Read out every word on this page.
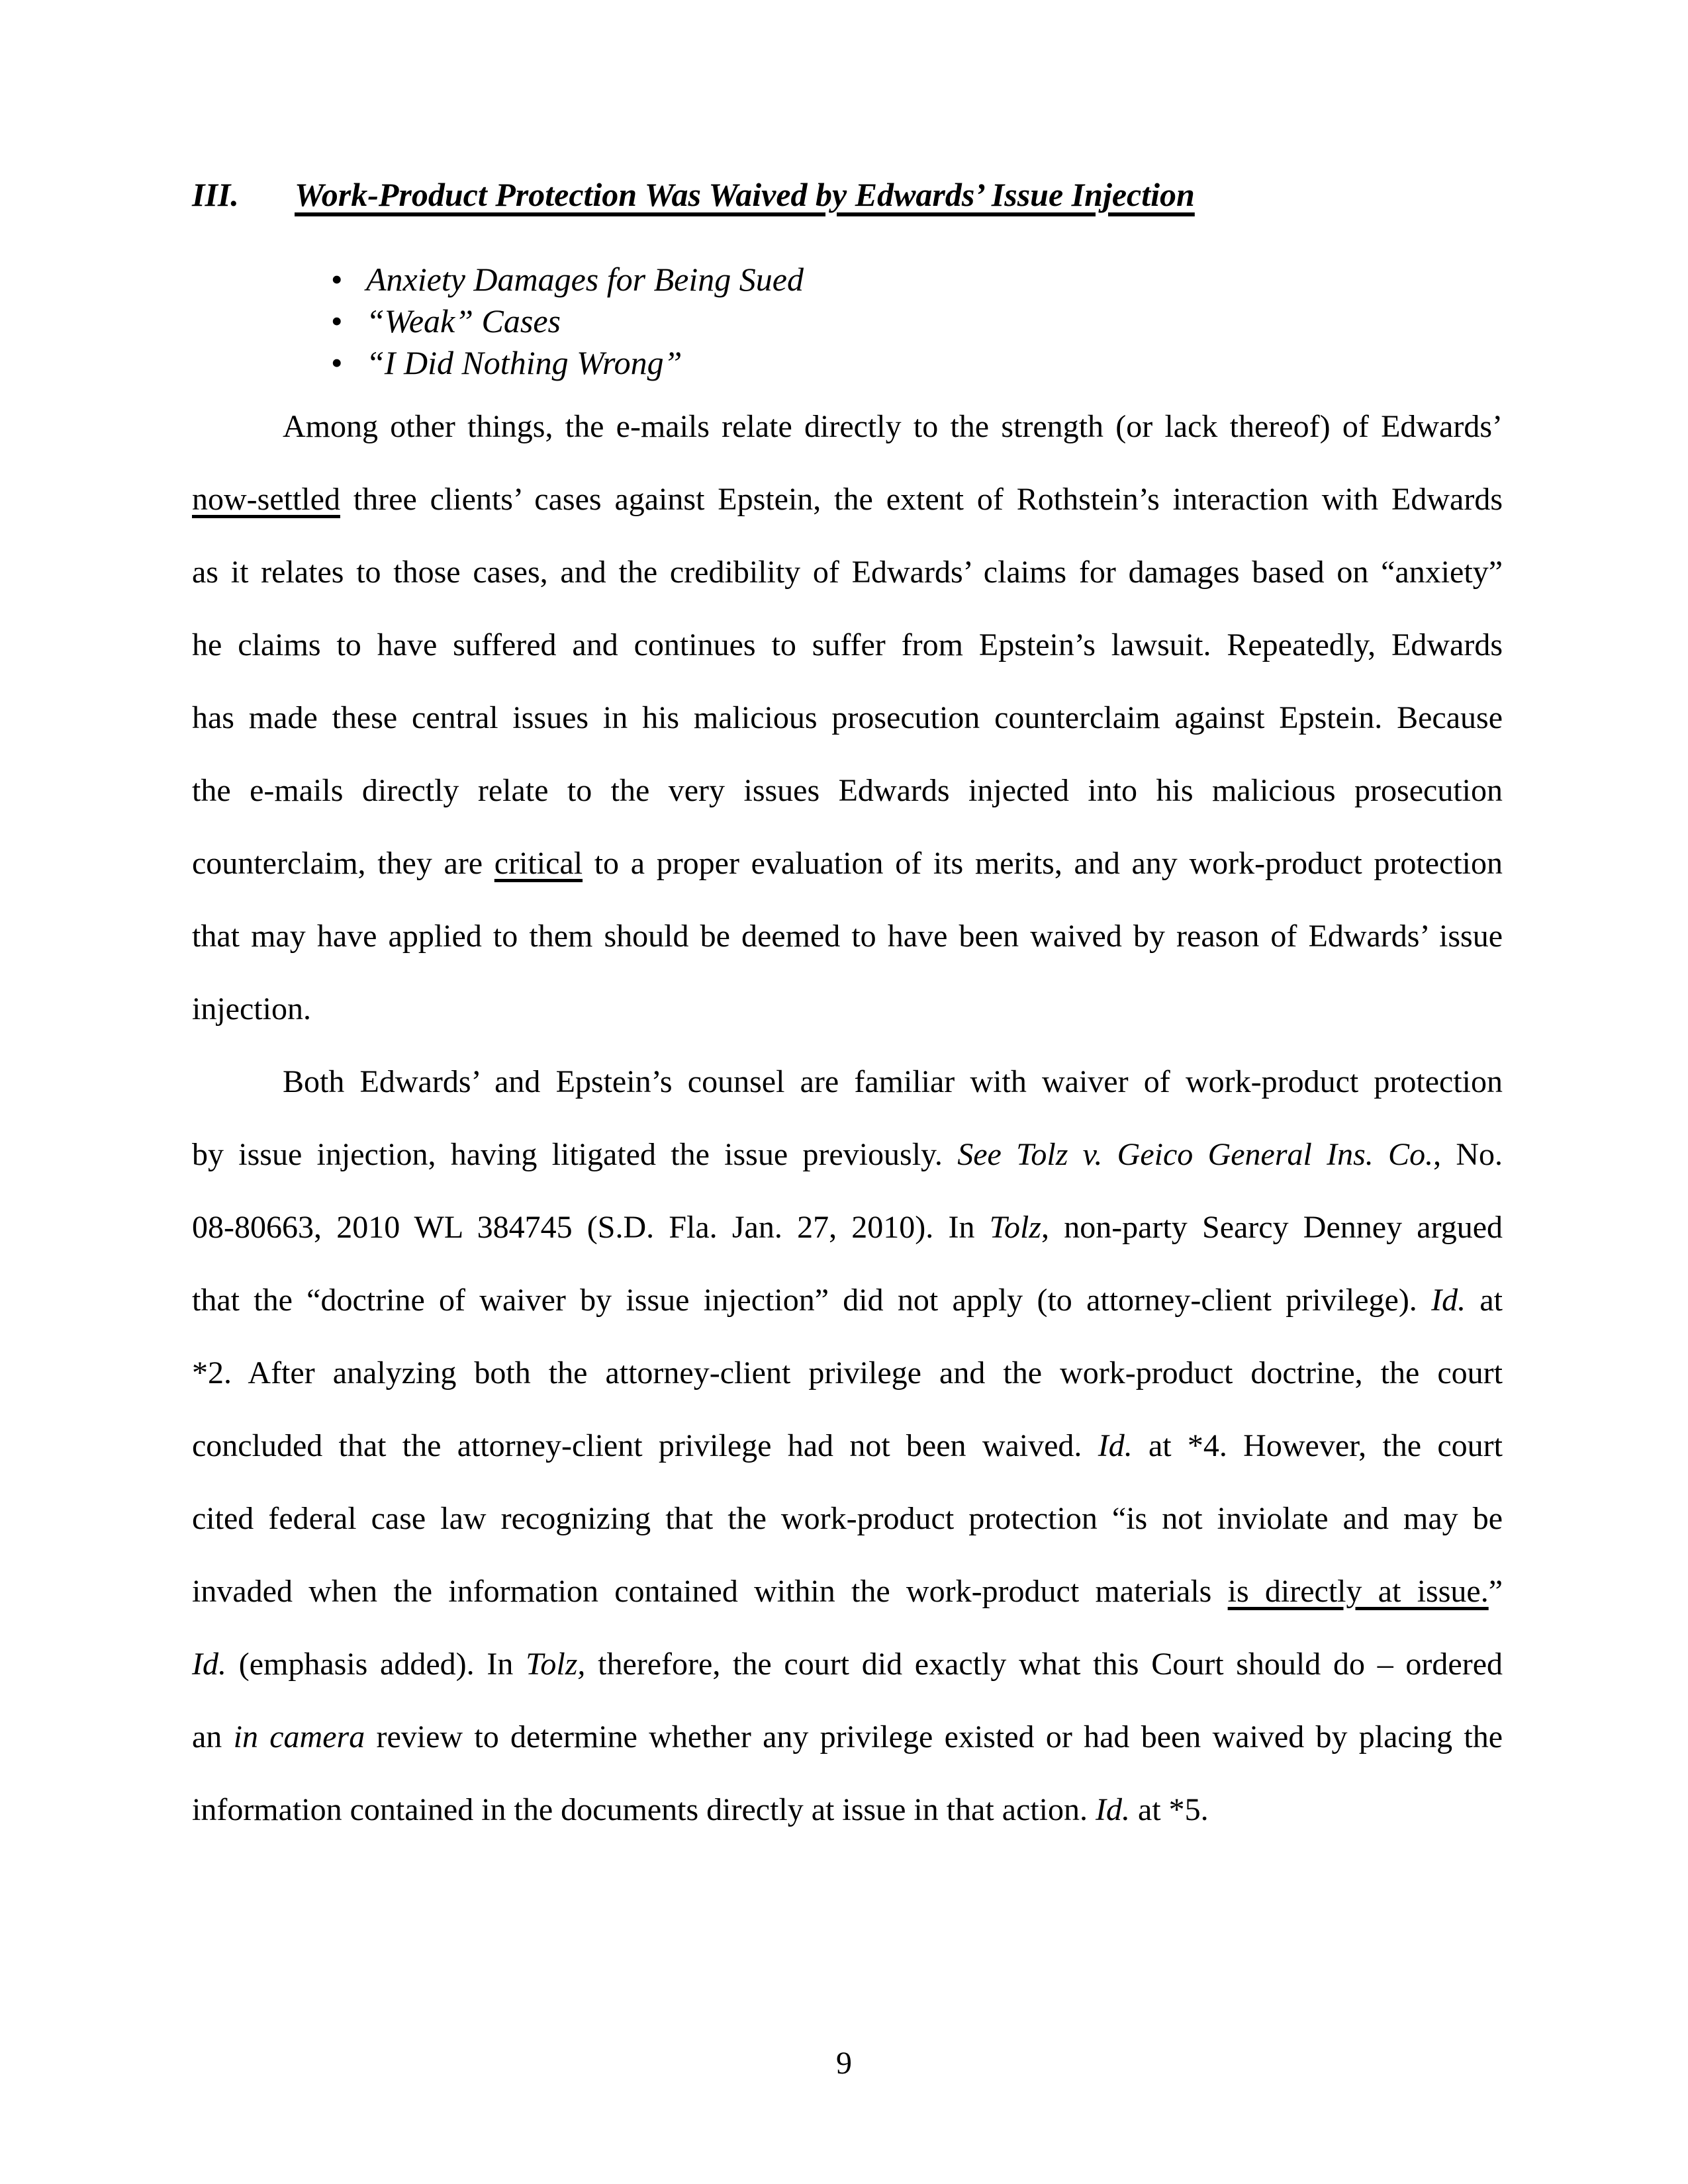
III. Work-Product Protection Was Waived by Edwards’ Issue Injection
• Anxiety Damages for Being Sued
• “Weak” Cases
• “I Did Nothing Wrong”
Among other things, the e-mails relate directly to the strength (or lack thereof) of Edwards’
now-settled three clients’ cases against Epstein, the extent of Rothstein’s interaction with Edwards
as it relates to those cases, and the credibility of Edwards’ claims for damages based on “anxiety”
he claims to have suffered and continues to suffer from Epstein’s lawsuit. Repeatedly, Edwards
has made these central issues in his malicious prosecution counterclaim against Epstein. Because
the e-mails directly relate to the very issues Edwards injected into his malicious prosecution
counterclaim, they are critical to a proper evaluation of its merits, and any work-product protection
that may have applied to them should be deemed to have been waived by reason of Edwards’ issue
injection.
Both Edwards’ and Epstein’s counsel are familiar with waiver of work-product protection
by issue injection, having litigated the issue previously. See Tolz v. Geico General Ins. Co., No.
08-80663, 2010 WL 384745 (S.D. Fla. Jan. 27, 2010). In Tolz, non-party Searcy Denney argued
that the “doctrine of waiver by issue injection” did not apply (to attorney-client privilege). Id. at
*2. After analyzing both the attorney-client privilege and the work-product doctrine, the court
concluded that the attorney-client privilege had not been waived. Id. at *4. However, the court
cited federal case law recognizing that the work-product protection “is not inviolate and may be
invaded when the information contained within the work-product materials is directly at issue.”
Id. (emphasis added). In Tolz, therefore, the court did exactly what this Court should do – ordered
an in camera review to determine whether any privilege existed or had been waived by placing the
information contained in the documents directly at issue in that action. Id. at *5.
9
